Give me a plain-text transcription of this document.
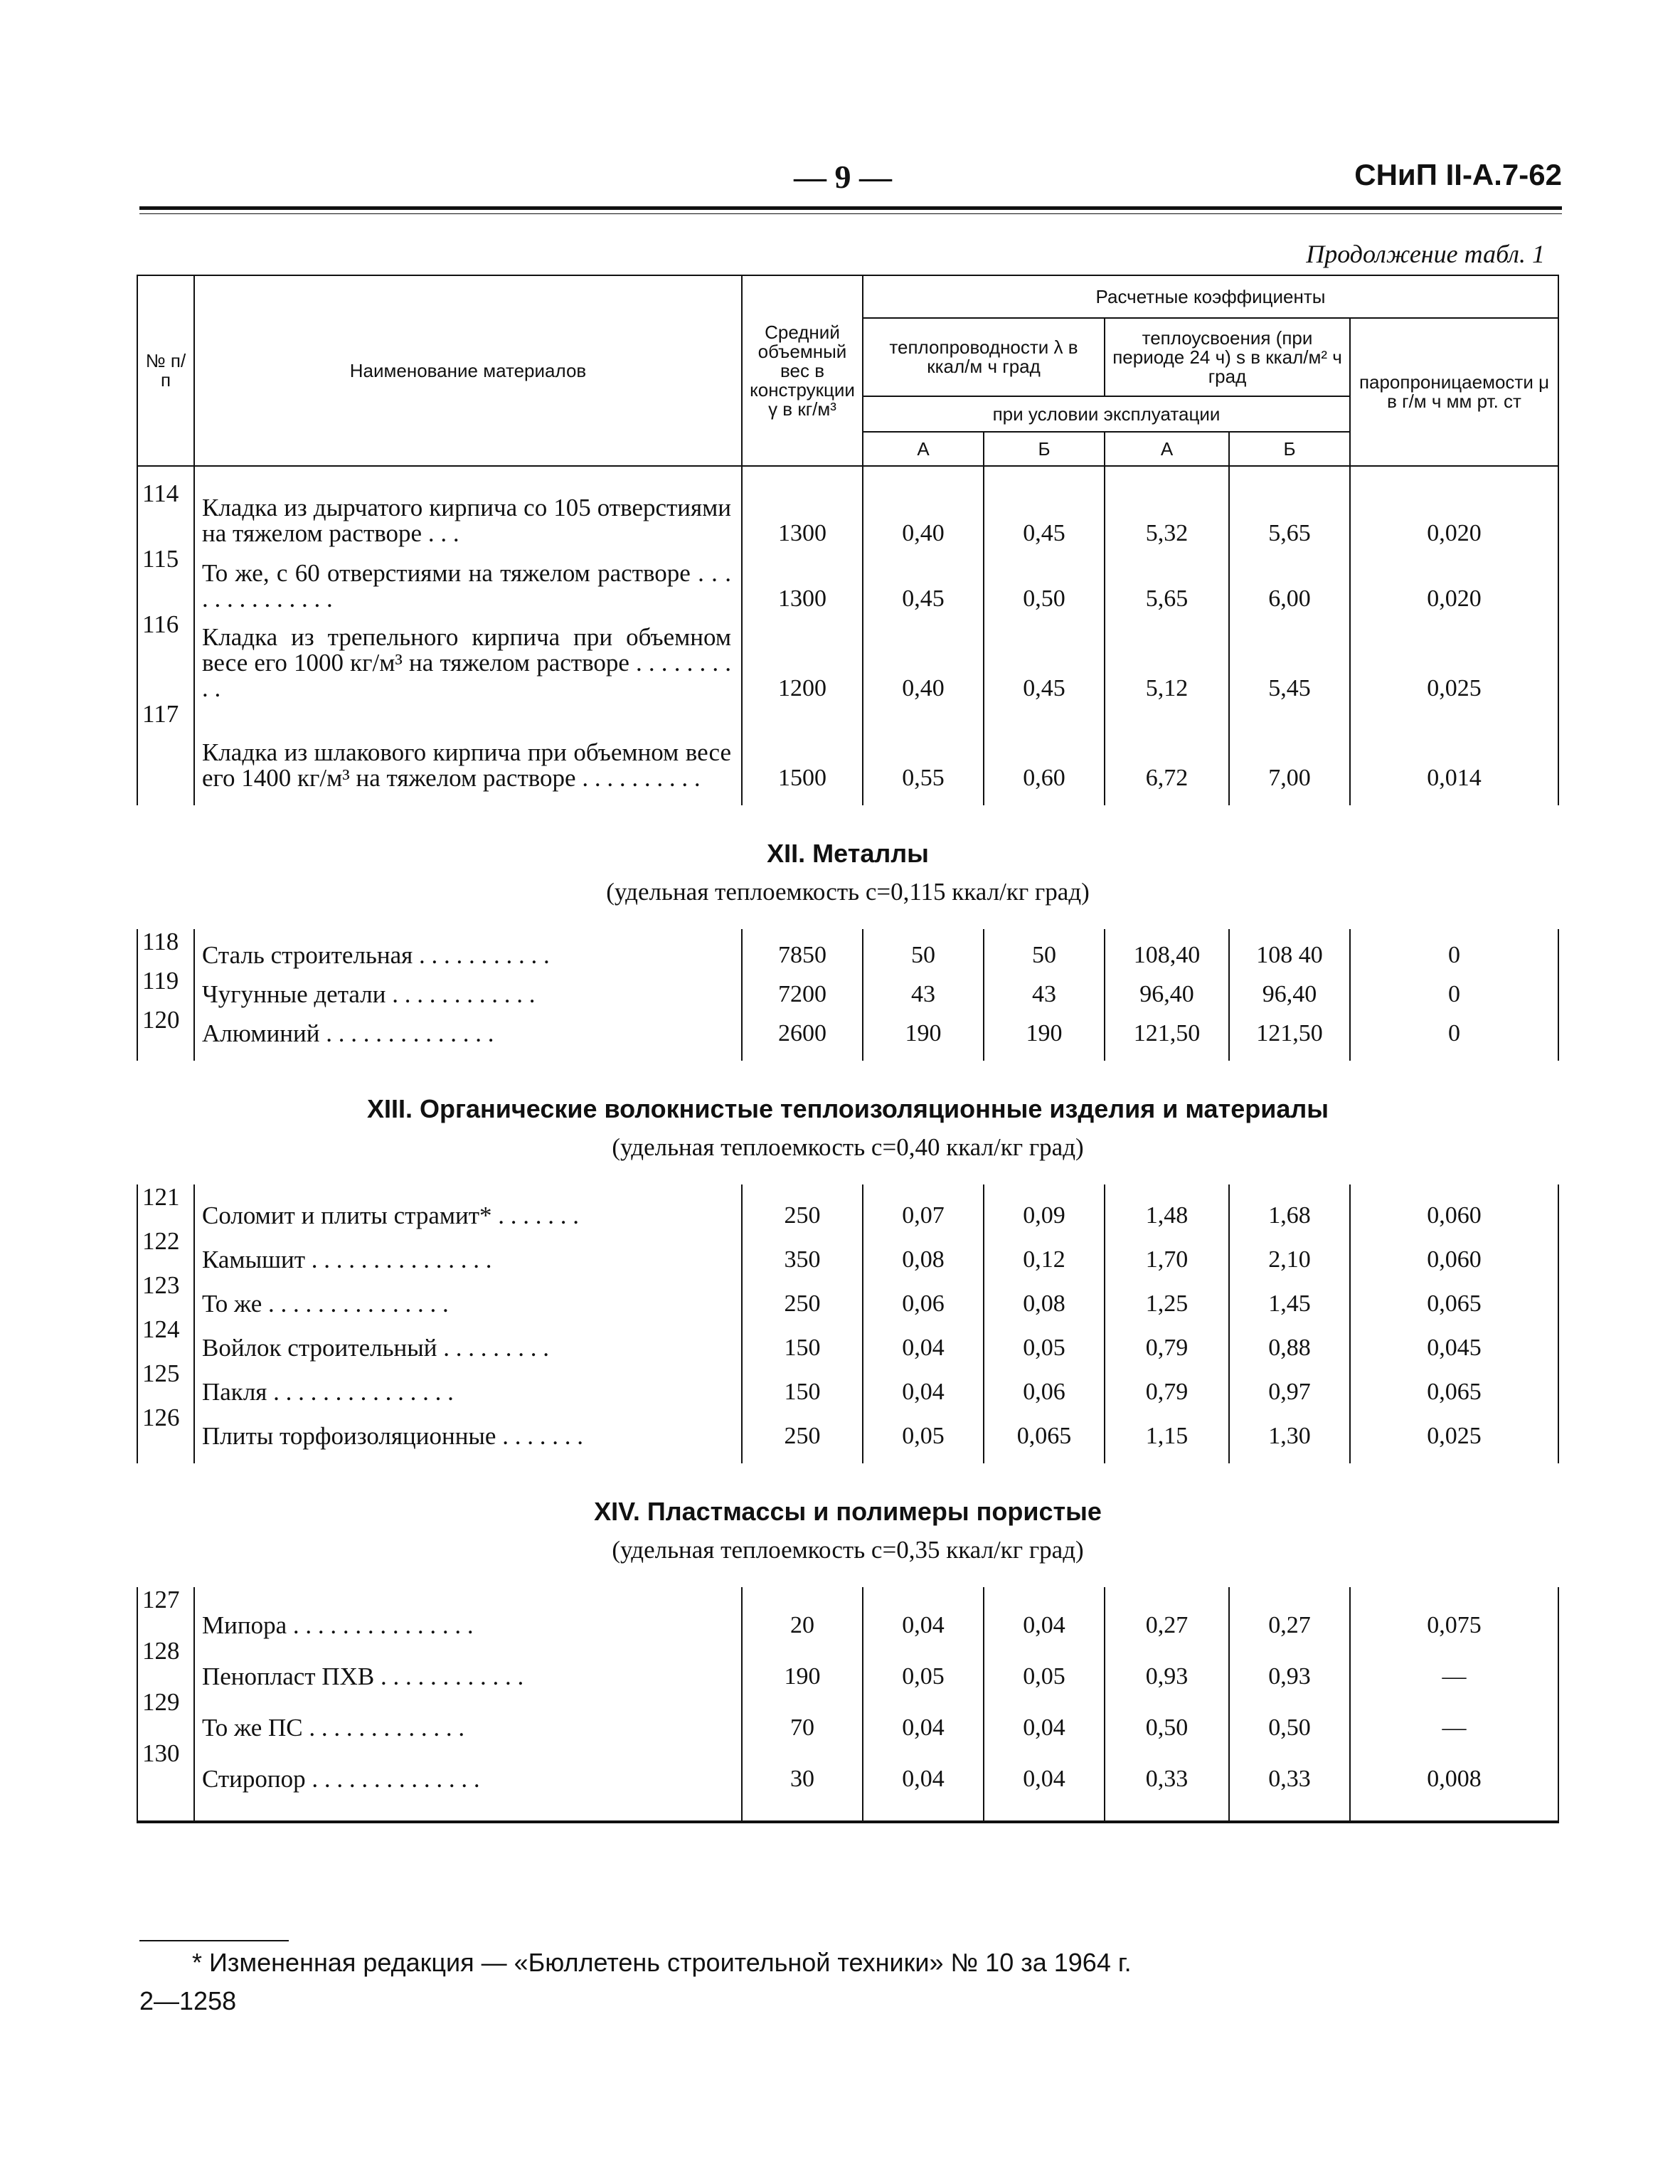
— 9 —	СНиП II-А.7-62
Продолжение табл. 1
№ п/п	Наименование материалов	Средний объемный вес в конструкции γ в кг/м³	Расчетные коэффициенты				
			теплопроводности λ в ккал/м ч град		теплоусвоения (при периоде 24 ч) s в ккал/м² ч град		паропроницаемости μ в г/м ч мм рт. ст
			при условии эксплуатации				
			А	Б	А	Б	

114	Кладка из дырчатого кирпича со 105 отверстиями на тяжелом растворе . . .	1300	0,40	0,45	5,32	5,65	0,020
115	То же, с 60 отверстиями на тяжелом растворе . . . . . . . . . . . . . .	1300	0,45	0,50	5,65	6,00	0,020
116	Кладка из трепельного кирпича при объемном весе его 1000 кг/м³ на тяжелом растворе . . . . . . . . . .	1200	0,40	0,45	5,12	5,45	0,025
117	Кладка из шлакового кирпича при объемном весе его 1400 кг/м³ на тяжелом растворе . . . . . . . . . .	1500	0,55	0,60	6,72	7,00	0,014

XII. Металлы
(удельная теплоемкость c=0,115 ккал/кг град)							

118	Сталь строительная . . . . . . . . . . .	7850	50	50	108,40	108 40	0
119	Чугунные детали . . . . . . . . . . . .	7200	43	43	96,40	96,40	0
120	Алюминий . . . . . . . . . . . . . .	2600	190	190	121,50	121,50	0

XIII. Органические волокнистые теплоизоляционные изделия и материалы
(удельная теплоемкость c=0,40 ккал/кг град)							

121	Соломит и плиты страмит* . . . . . . .	250	0,07	0,09	1,48	1,68	0,060
122	Камышит . . . . . . . . . . . . . . .	350	0,08	0,12	1,70	2,10	0,060
123	То же . . . . . . . . . . . . . . .	250	0,06	0,08	1,25	1,45	0,065
124	Войлок строительный . . . . . . . . .	150	0,04	0,05	0,79	0,88	0,045
125	Пакля . . . . . . . . . . . . . . .	150	0,04	0,06	0,79	0,97	0,065
126	Плиты торфоизоляционные . . . . . . .	250	0,05	0,065	1,15	1,30	0,025

XIV. Пластмассы и полимеры пористые
(удельная теплоемкость c=0,35 ккал/кг град)							

127	Мипора . . . . . . . . . . . . . . .	20	0,04	0,04	0,27	0,27	0,075
128	Пенопласт ПХВ . . . . . . . . . . . .	190	0,05	0,05	0,93	0,93	—
129	То же ПС . . . . . . . . . . . . .	70	0,04	0,04	0,50	0,50	—
130	Стиропор . . . . . . . . . . . . . .	30	0,04	0,04	0,33	0,33	0,008

* Измененная редакция — «Бюллетень строительной техники» № 10 за 1964 г.
2—1258
